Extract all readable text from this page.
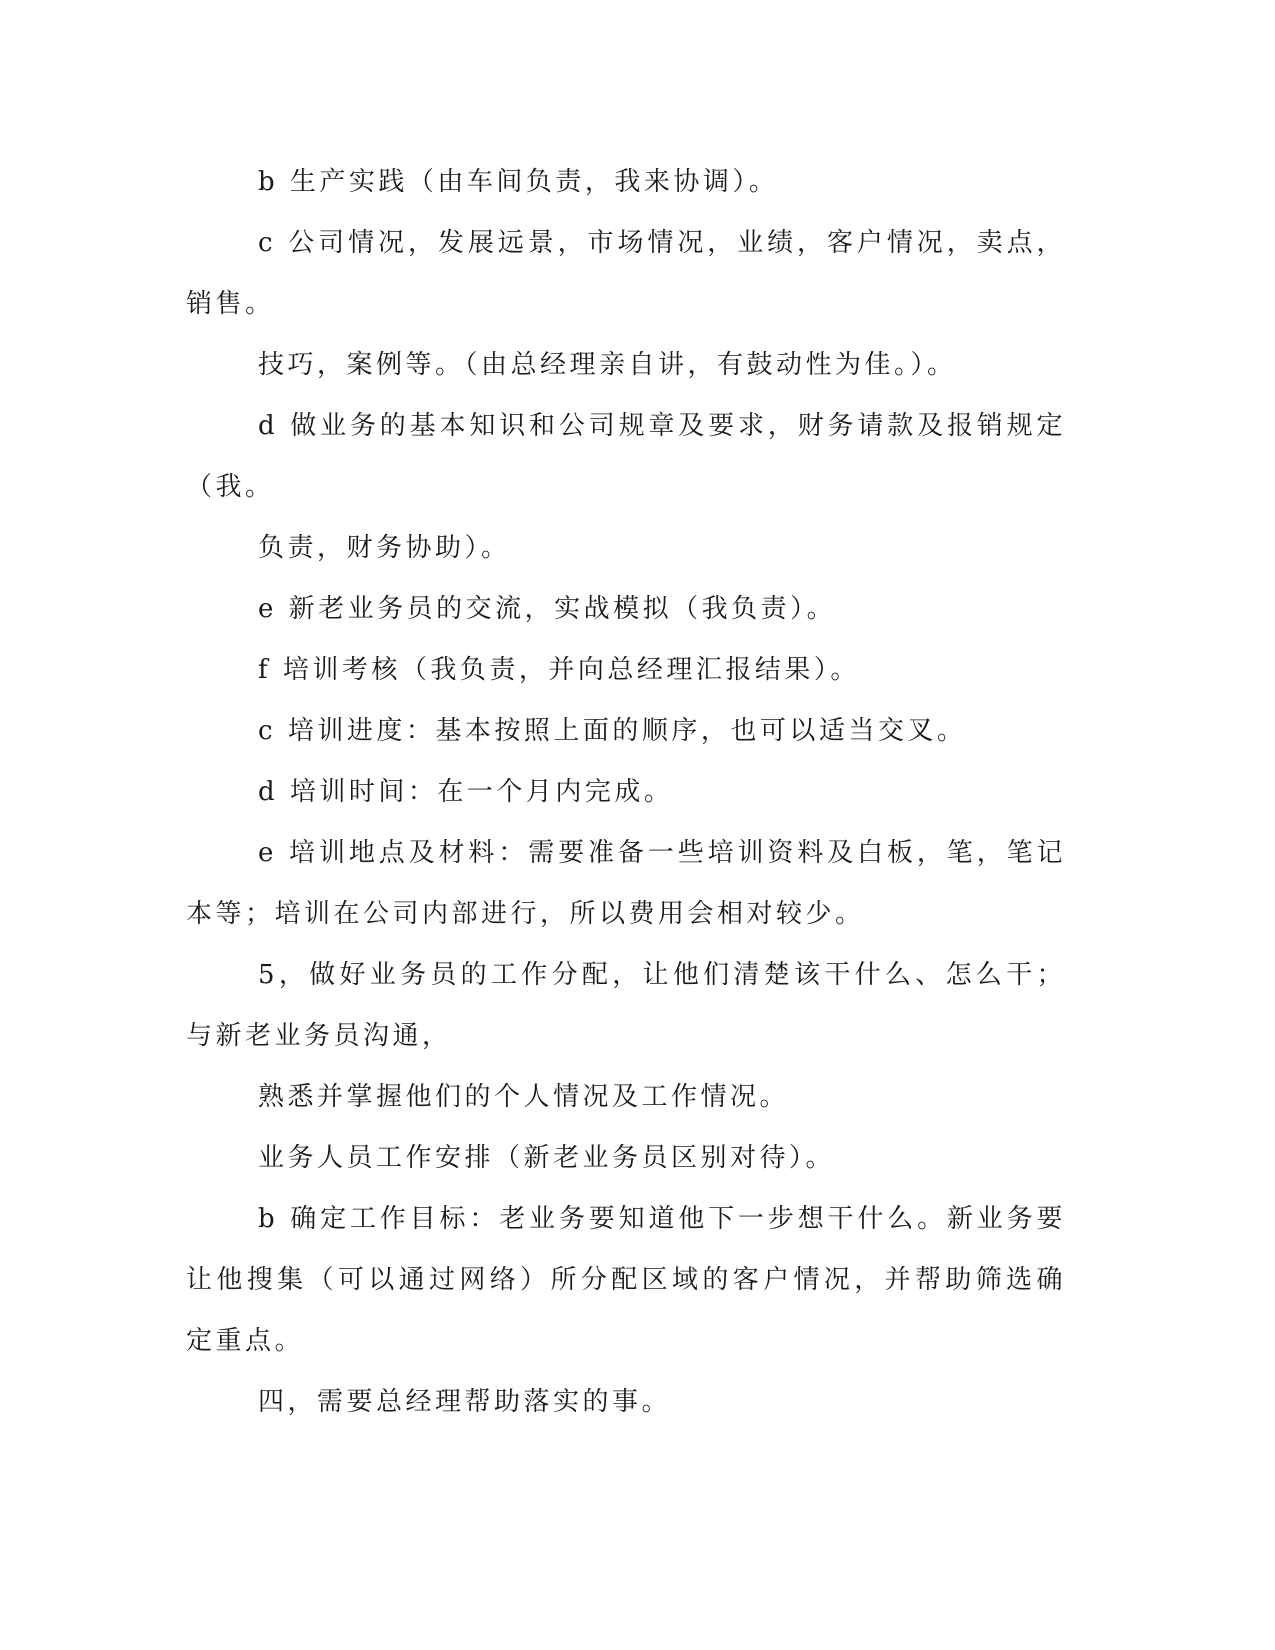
b 生产实践（由车间负责，我来协调）。

c 公司情况，发展远景，市场情况，业绩，客户情况，卖点，销售。

技巧，案例等。（由总经理亲自讲，有鼓动性为佳。）。

d 做业务的基本知识和公司规章及要求，财务请款及报销规定（我。

负责，财务协助）。

e 新老业务员的交流，实战模拟（我负责）。

f 培训考核（我负责，并向总经理汇报结果）。

c 培训进度：基本按照上面的顺序，也可以适当交叉。

d 培训时间：在一个月内完成。

e 培训地点及材料：需要准备一些培训资料及白板，笔，笔记本等；培训在公司内部进行，所以费用会相对较少。

5，做好业务员的工作分配，让他们清楚该干什么、怎么干；与新老业务员沟通，

熟悉并掌握他们的个人情况及工作情况。

业务人员工作安排（新老业务员区别对待）。

b 确定工作目标：老业务要知道他下一步想干什么。新业务要让他搜集（可以通过网络）所分配区域的客户情况，并帮助筛选确定重点。

四，需要总经理帮助落实的事。
